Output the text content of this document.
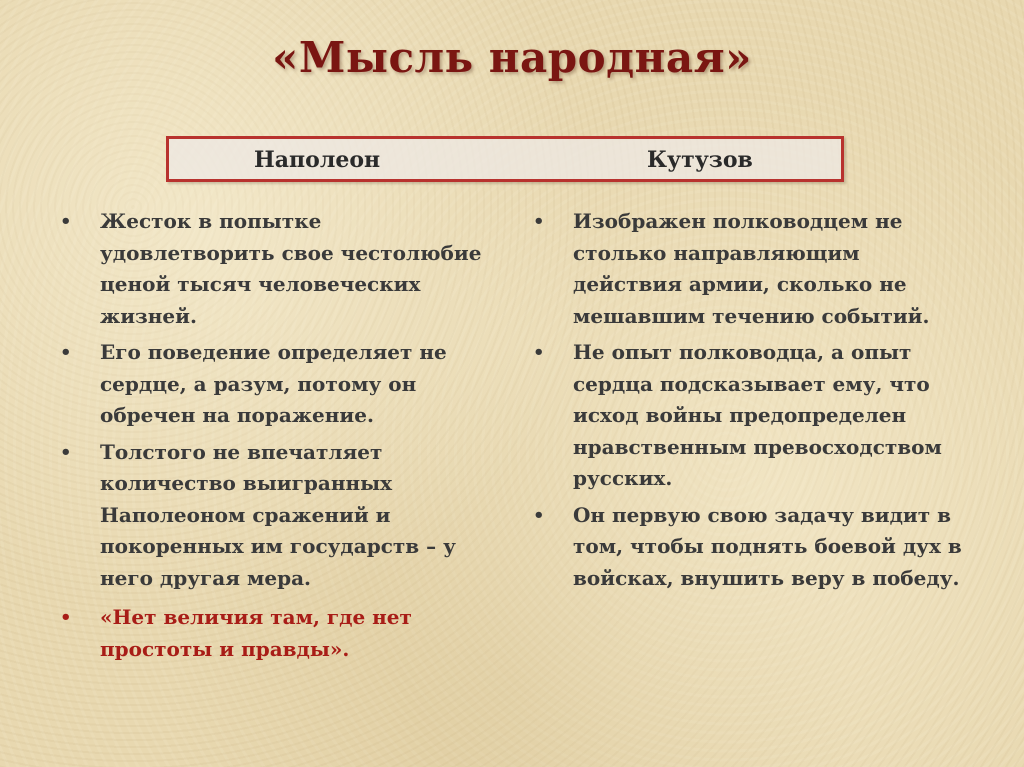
«Мысль народная»
Наполеон	Кутузов
• Жесток в попытке удовлетворить свое честолюбие ценой тысяч человеческих жизней.
• Его поведение определяет не сердце, а разум, потому он обречен на поражение.
• Толстого не впечатляет количество выигранных Наполеоном сражений и покоренных им государств – у него другая мера.
• «Нет величия там, где нет простоты и правды».
• Изображен полководцем не столько направляющим действия армии, сколько не мешавшим течению событий.
• Не опыт полководца, а опыт сердца подсказывает ему, что исход войны предопределен нравственным превосходством русских.
• Он первую свою задачу видит в том, чтобы поднять боевой дух в войсках, внушить веру в победу.
